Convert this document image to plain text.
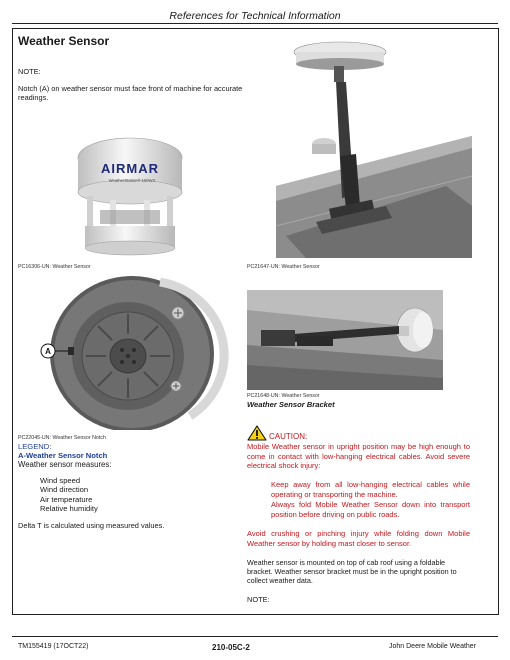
References for Technical Information
Weather Sensor
NOTE:
Notch (A) on weather sensor must face front of machine for accurate readings.
AIRMAR
WeatherStation® 150WX
PC16306-UN: Weather Sensor	PC21647-UN: Weather Sensor
A
PC22045-UN: Weather Sensor Notch
PC21648-UN: Weather Sensor
Weather Sensor Bracket
LEGEND:
A-Weather Sensor Notch
Weather sensor measures:
Wind speed
Wind direction
Air temperature
Relative humidity
Delta T is calculated using measured values.
CAUTION:
Mobile Weather sensor in upright position may be high enough to come in contact with low-hanging electrical cables. Avoid severe electrical shock injury:
Keep away from all low-hanging electrical cables while operating or transporting the machine.
Always fold Mobile Weather Sensor down into transport position before driving on public roads.
Avoid crushing or pinching injury while folding down Mobile Weather sensor by holding mast closer to sensor.
Weather sensor is mounted on top of cab roof using a foldable bracket. Weather sensor bracket must be in the upright position to collect weather data.
NOTE:
TM155419 (17OCT22)	210-05C-2	John Deere Mobile Weather
